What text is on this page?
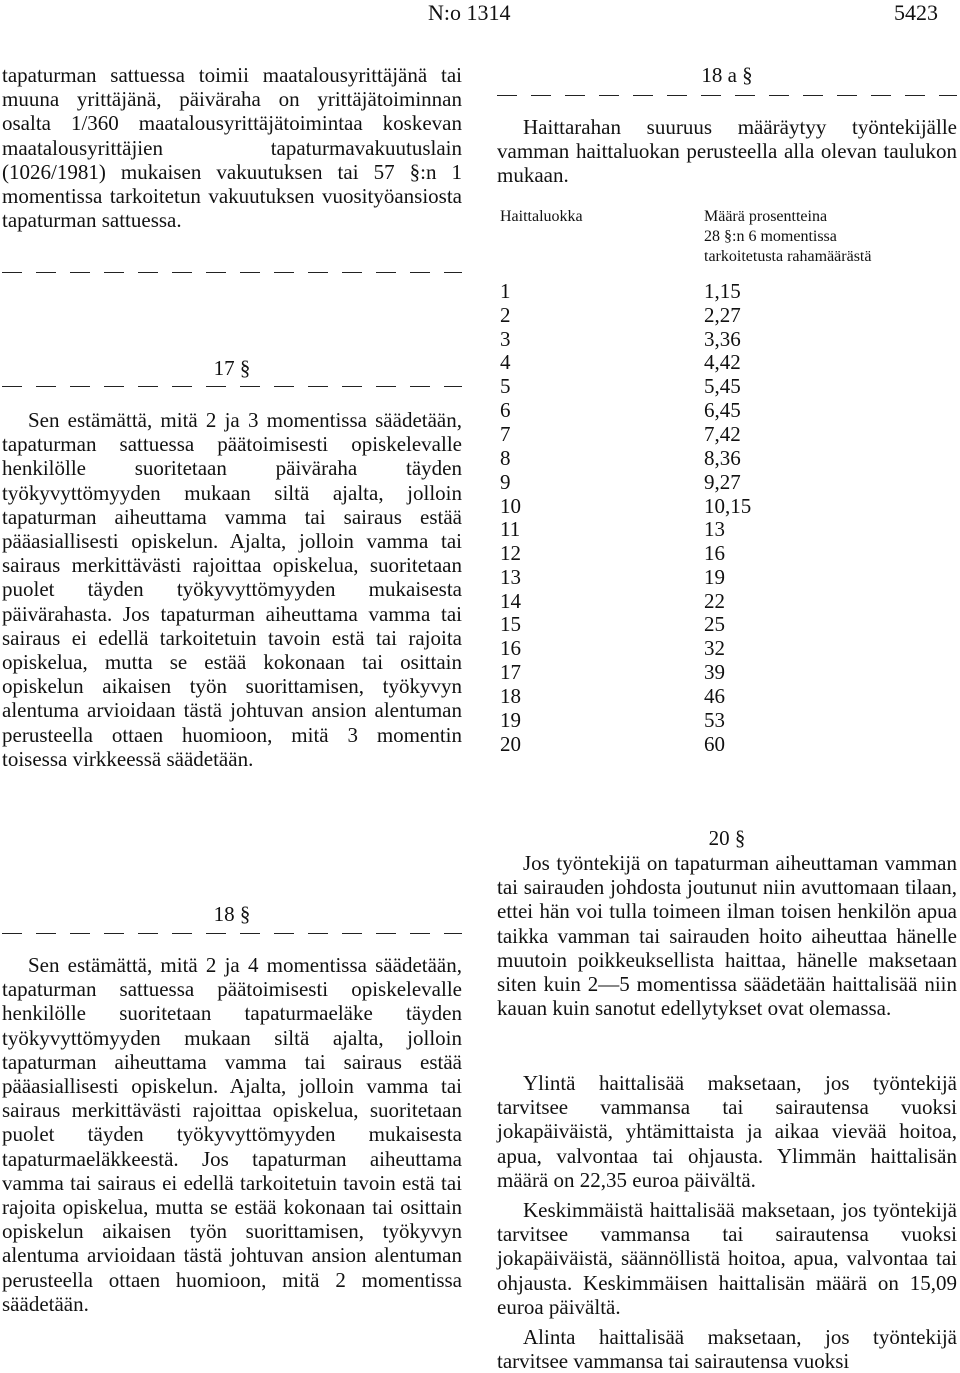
N:o 1314	5423
tapaturman sattuessa toimii maatalousyrittäjänä tai muuna yrittäjänä, päiväraha on yrittäjätoiminnan osalta 1/360 maatalousyrittäjätoimintaa koskevan maatalousyrittäjien tapaturmavakuutuslain (1026/1981) mukaisen vakuutuksen tai 57 §:n 1 momentissa tarkoitetun vakuutuksen vuosityöansiosta tapaturman sattuessa.
17 §
Sen estämättä, mitä 2 ja 3 momentissa säädetään, tapaturman sattuessa päätoimisesti opiskelevalle henkilölle suoritetaan päiväraha täyden työkyvyttömyyden mukaan siltä ajalta, jolloin tapaturman aiheuttama vamma tai sairaus estää pääasiallisesti opiskelun. Ajalta, jolloin vamma tai sairaus merkittävästi rajoittaa opiskelua, suoritetaan puolet täyden työkyvyttömyyden mukaisesta päivärahasta. Jos tapaturman aiheuttama vamma tai sairaus ei edellä tarkoitetuin tavoin estä tai rajoita opiskelua, mutta se estää kokonaan tai osittain opiskelun aikaisen työn suorittamisen, työkyvyn alentuma arvioidaan tästä johtuvan ansion alentuman perusteella ottaen huomioon, mitä 3 momentin toisessa virkkeessä säädetään.
18 §
Sen estämättä, mitä 2 ja 4 momentissa säädetään, tapaturman sattuessa päätoimisesti opiskelevalle henkilölle suoritetaan tapaturmaeläke täyden työkyvyttömyyden mukaan siltä ajalta, jolloin tapaturman aiheuttama vamma tai sairaus estää pääasiallisesti opiskelun. Ajalta, jolloin vamma tai sairaus merkittävästi rajoittaa opiskelua, suoritetaan puolet täyden työkyvyttömyyden mukaisesta tapaturmaeläkkeestä. Jos tapaturman aiheuttama vamma tai sairaus ei edellä tarkoitetuin tavoin estä tai rajoita opiskelua, mutta se estää kokonaan tai osittain opiskelun aikaisen työn suorittamisen, työkyvyn alentuma arvioidaan tästä johtuvan ansion alentuman perusteella ottaen huomioon, mitä 2 momentissa säädetään.
18 a §
Haittarahan suuruus määräytyy työntekijälle vamman haittaluokan perusteella alla olevan taulukon mukaan.
Haittaluokka	Määrä prosentteina
28 §:n 6 momentissa
tarkoitetusta rahamäärästä
1	1,15
2	2,27
3	3,36
4	4,42
5	5,45
6	6,45
7	7,42
8	8,36
9	9,27
10	10,15
11	13
12	16
13	19
14	22
15	25
16	32
17	39
18	46
19	53
20	60
20 §
Jos työntekijä on tapaturman aiheuttaman vamman tai sairauden johdosta joutunut niin avuttomaan tilaan, ettei hän voi tulla toimeen ilman toisen henkilön apua taikka vamman tai sairauden hoito aiheuttaa hänelle muutoin poikkeuksellista haittaa, hänelle maksetaan siten kuin 2—5 momentissa säädetään haittalisää niin kauan kuin sanotut edellytykset ovat olemassa.
Ylintä haittalisää maksetaan, jos työntekijä tarvitsee vammansa tai sairautensa vuoksi jokapäiväistä, yhtämittaista ja aikaa vievää hoitoa, apua, valvontaa tai ohjausta. Ylimmän haittalisän määrä on 22,35 euroa päivältä.
Keskimmäistä haittalisää maksetaan, jos työntekijä tarvitsee vammansa tai sairautensa vuoksi jokapäiväistä, säännöllistä hoitoa, apua, valvontaa tai ohjausta. Keskimmäisen haittalisän määrä on 15,09 euroa päivältä.
Alinta haittalisää maksetaan, jos työntekijä tarvitsee vammansa tai sairautensa vuoksi
